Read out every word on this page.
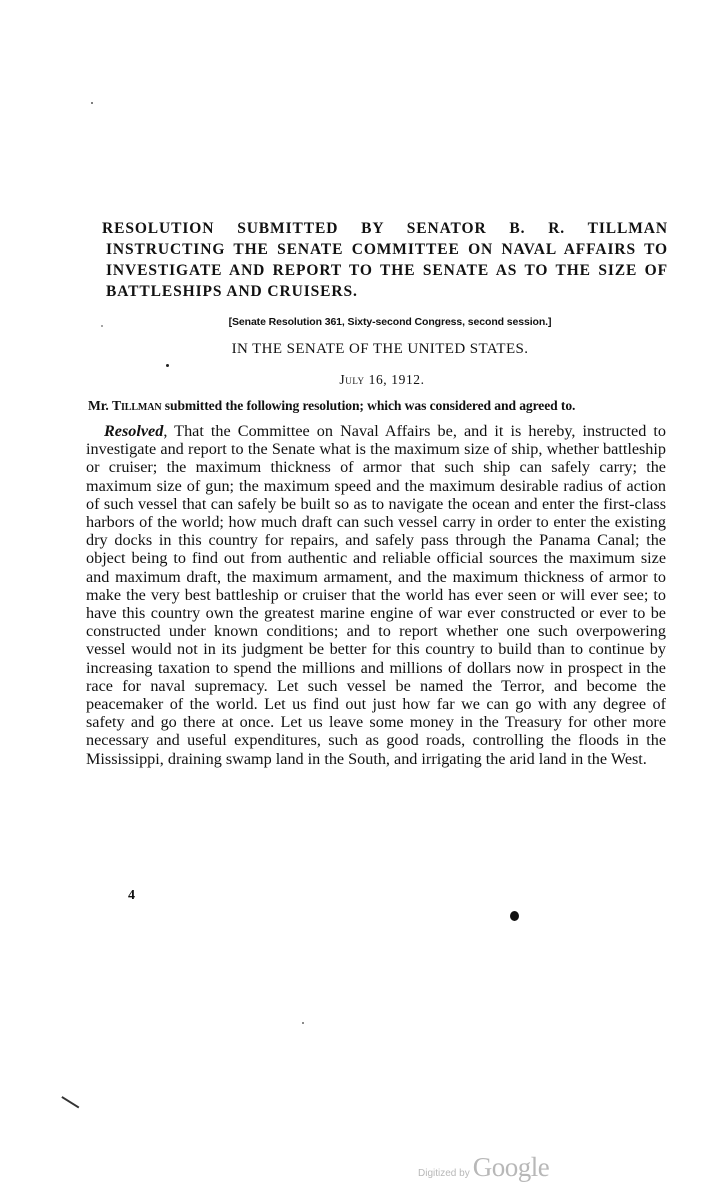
RESOLUTION SUBMITTED BY SENATOR B. R. TILLMAN INSTRUCTING THE SENATE COMMITTEE ON NAVAL AFFAIRS TO INVESTIGATE AND REPORT TO THE SENATE AS TO THE SIZE OF BATTLESHIPS AND CRUISERS.
[Senate Resolution 361, Sixty-second Congress, second session.]
IN THE SENATE OF THE UNITED STATES.
July 16, 1912.
Mr. Tillman submitted the following resolution; which was considered and agreed to.

Resolved, That the Committee on Naval Affairs be, and it is hereby, instructed to investigate and report to the Senate what is the maximum size of ship, whether battleship or cruiser; the maximum thickness of armor that such ship can safely carry; the maximum size of gun; the maximum speed and the maximum desirable radius of action of such vessel that can safely be built so as to navigate the ocean and enter the first-class harbors of the world; how much draft can such vessel carry in order to enter the existing dry docks in this country for repairs, and safely pass through the Panama Canal; the object being to find out from authentic and reliable official sources the maximum size and maximum draft, the maximum armament, and the maximum thickness of armor to make the very best battleship or cruiser that the world has ever seen or will ever see; to have this country own the greatest marine engine of war ever constructed or ever to be constructed under known conditions; and to report whether one such overpowering vessel would not in its judgment be better for this country to build than to continue by increasing taxation to spend the millions and millions of dollars now in prospect in the race for naval supremacy. Let such vessel be named the Terror, and become the peacemaker of the world. Let us find out just how far we can go with any degree of safety and go there at once. Let us leave some money in the Treasury for other more necessary and useful expenditures, such as good roads, controlling the floods in the Mississippi, draining swamp land in the South, and irrigating the arid land in the West.

4
Digitized by Google
